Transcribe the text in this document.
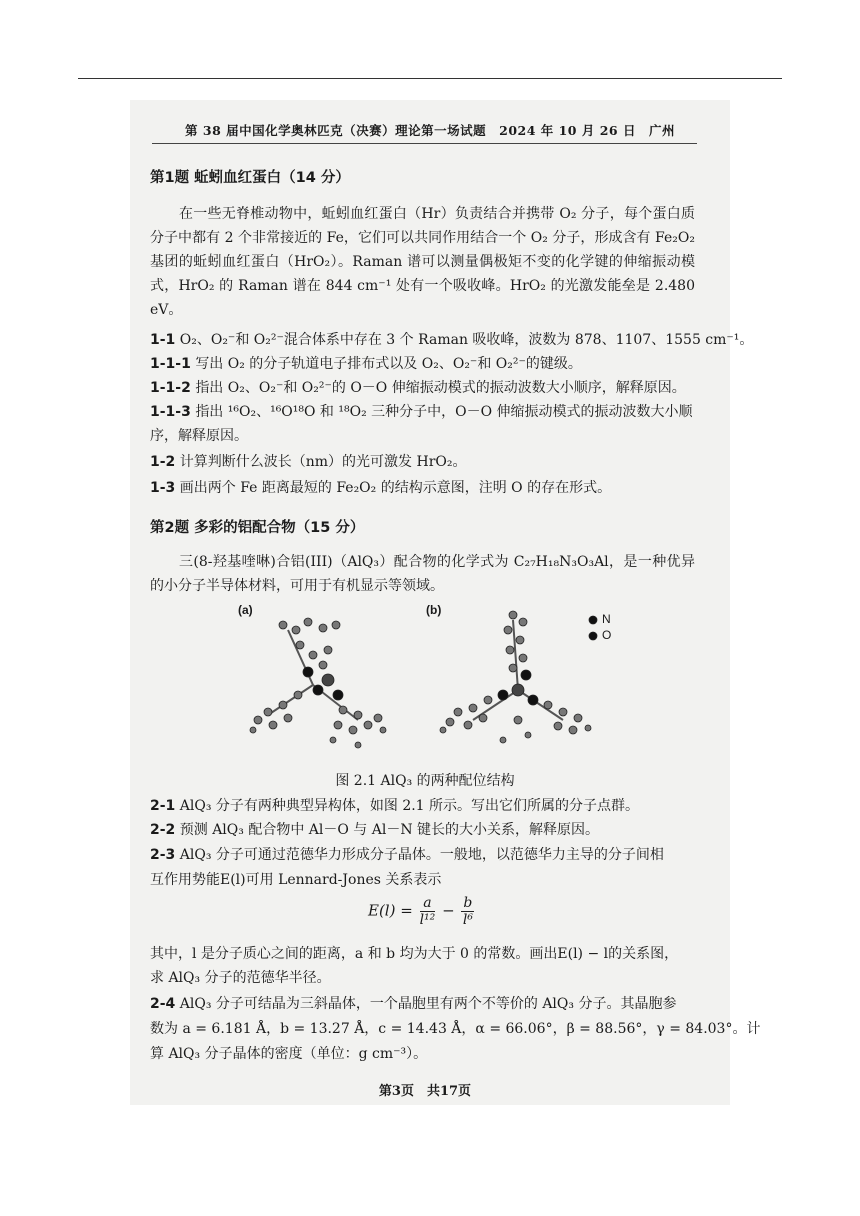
第 38 届中国化学奥林匹克（决赛）理论第一场试题　2024 年 10 月 26 日　广州
第1题 蚯蚓血红蛋白（14 分）
在一些无脊椎动物中，蚯蚓血红蛋白（Hr）负责结合并携带 O₂ 分子，每个蛋白质分子中都有 2 个非常接近的 Fe，它们可以共同作用结合一个 O₂ 分子，形成含有 Fe₂O₂ 基团的蚯蚓血红蛋白（HrO₂）。Raman 谱可以测量偶极矩不变的化学键的伸缩振动模式，HrO₂ 的 Raman 谱在 844 cm⁻¹ 处有一个吸收峰。HrO₂ 的光激发能垒是 2.480 eV。
1-1 O₂、O₂⁻和 O₂²⁻混合体系中存在 3 个 Raman 吸收峰，波数为 878、1107、1555 cm⁻¹。
1-1-1 写出 O₂ 的分子轨道电子排布式以及 O₂、O₂⁻和 O₂²⁻的键级。
1-1-2 指出 O₂、O₂⁻和 O₂²⁻的 O－O 伸缩振动模式的振动波数大小顺序，解释原因。
1-1-3 指出 ¹⁶O₂、¹⁶O¹⁸O 和 ¹⁸O₂ 三种分子中，O－O 伸缩振动模式的振动波数大小顺
序，解释原因。
1-2 计算判断什么波长（nm）的光可激发 HrO₂。
1-3 画出两个 Fe 距离最短的 Fe₂O₂ 的结构示意图，注明 O 的存在形式。
第2题 多彩的铝配合物（15 分）
三(8-羟基喹啉)合铝(III)（AlQ₃）配合物的化学式为 C₂₇H₁₈N₃O₃Al，是一种优异的小分子半导体材料，可用于有机显示等领域。
(a)	(b)
N
O
图 2.1 AlQ₃ 的两种配位结构
2-1 AlQ₃ 分子有两种典型异构体，如图 2.1 所示。写出它们所属的分子点群。
2-2 预测 AlQ₃ 配合物中 Al－O 与 Al－N 键长的大小关系，解释原因。
2-3 AlQ₃ 分子可通过范德华力形成分子晶体。一般地，以范德华力主导的分子间相
互作用势能E(l)可用 Lennard-Jones 关系表示
$E(l) = \frac{a}{\text{l¹²}} - \frac{b}{\text{l⁶}}$
其中，l 是分子质心之间的距离，a 和 b 均为大于 0 的常数。画出E(l) − l的关系图，
求 AlQ₃ 分子的范德华半径。
2-4 AlQ₃ 分子可结晶为三斜晶体，一个晶胞里有两个不等价的 AlQ₃ 分子。其晶胞参
数为 a = 6.181 Å，b = 13.27 Å，c = 14.43 Å，α = 66.06°，β = 88.56°，γ = 84.03°。计
算 AlQ₃ 分子晶体的密度（单位：g cm⁻³）。
第3页　共17页
